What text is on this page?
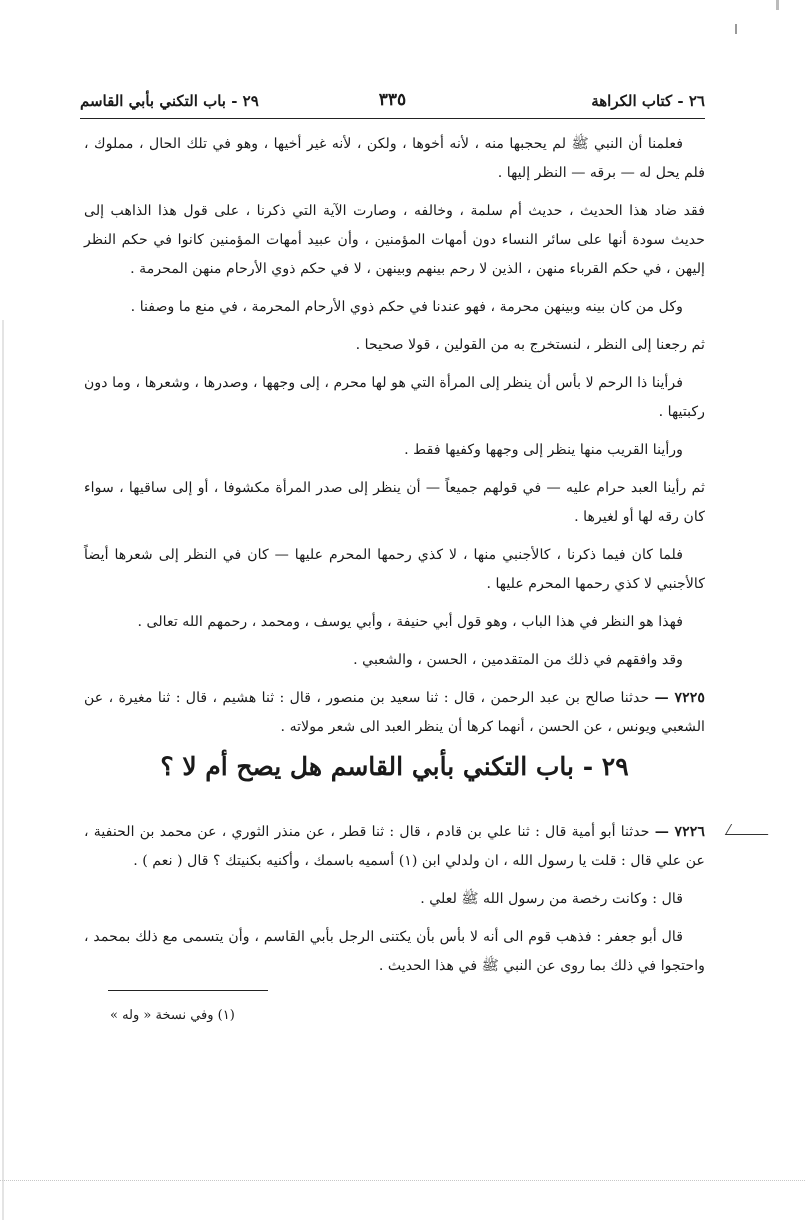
٢٦ - كتاب الكراهة
٣٣٥
٢٩ - باب التكني بأبي القاسم

فعلمنا أن النبي ﷺ لم يحجبها منه ، لأنه أخوها ، ولكن ، لأنه غير أخيها ، وهو في تلك الحال ، مملوك ، فلم يحل له — برقه — النظر إليها .

فقد ضاد هذا الحديث ، حديث أم سلمة ، وخالفه ، وصارت الآية التي ذكرنا ، على قول هذا الذاهب إلى حديث سودة أنها على سائر النساء دون أمهات المؤمنين ، وأن عبيد أمهات المؤمنين كانوا في حكم النظر إليهن ، في حكم القرباء منهن ، الذين لا رحم بينهم وبينهن ، لا في حكم ذوي الأرحام منهن المحرمة .

وكل من كان بينه وبينهن محرمة ، فهو عندنا في حكم ذوي الأرحام المحرمة ، في منع ما وصفنا .

ثم رجعنا إلى النظر ، لنستخرج به من القولين ، قولا صحيحا .

فرأينا ذا الرحم لا بأس أن ينظر إلى المرأة التي هو لها محرم ، إلى وجهها ، وصدرها ، وشعرها ، وما دون ركبتيها .

ورأينا القريب منها ينظر إلى وجهها وكفيها فقط .

ثم رأينا العبد حرام عليه — في قولهم جميعاً — أن ينظر إلى صدر المرأة مكشوفا ، أو إلى ساقيها ، سواء كان رقه لها أو لغيرها .

فلما كان فيما ذكرنا ، كالأجنبي منها ، لا كذي رحمها المحرم عليها — كان في النظر إلى شعرها أيضاً كالأجنبي لا كذي رحمها المحرم عليها .

فهذا هو النظر في هذا الباب ، وهو قول أبي حنيفة ، وأبي يوسف ، ومحمد ، رحمهم الله تعالى .

وقد وافقهم في ذلك من المتقدمين ، الحسن ، والشعبي .

٧٢٢٥ — حدثنا صالح بن عبد الرحمن ، قال : ثنا سعيد بن منصور ، قال : ثنا هشيم ، قال : ثنا مغيرة ، عن الشعبي ويونس ، عن الحسن ، أنهما كرها أن ينظر العبد الى شعر مولاته .

٢٩ - باب التكني بأبي القاسم هل يصح أم لا ؟

٧٢٢٦ — حدثنا أبو أمية قال : ثنا علي بن قادم ، قال : ثنا قطر ، عن منذر الثوري ، عن محمد بن الحنفية ، عن علي قال : قلت يا رسول الله ، ان ولدلي ابن (١) أسميه باسمك ، وأكنيه بكنيتك ؟ قال ( نعم ) .

قال : وكانت رخصة من رسول الله ﷺ لعلي .

قال أبو جعفر : فذهب قوم الى أنه لا بأس بأن يكتنى الرجل بأبي القاسم ، وأن يتسمى مع ذلك بمحمد ، واحتجوا في ذلك بما روى عن النبي ﷺ في هذا الحديث .

(١) وفي نسخة « وله »
